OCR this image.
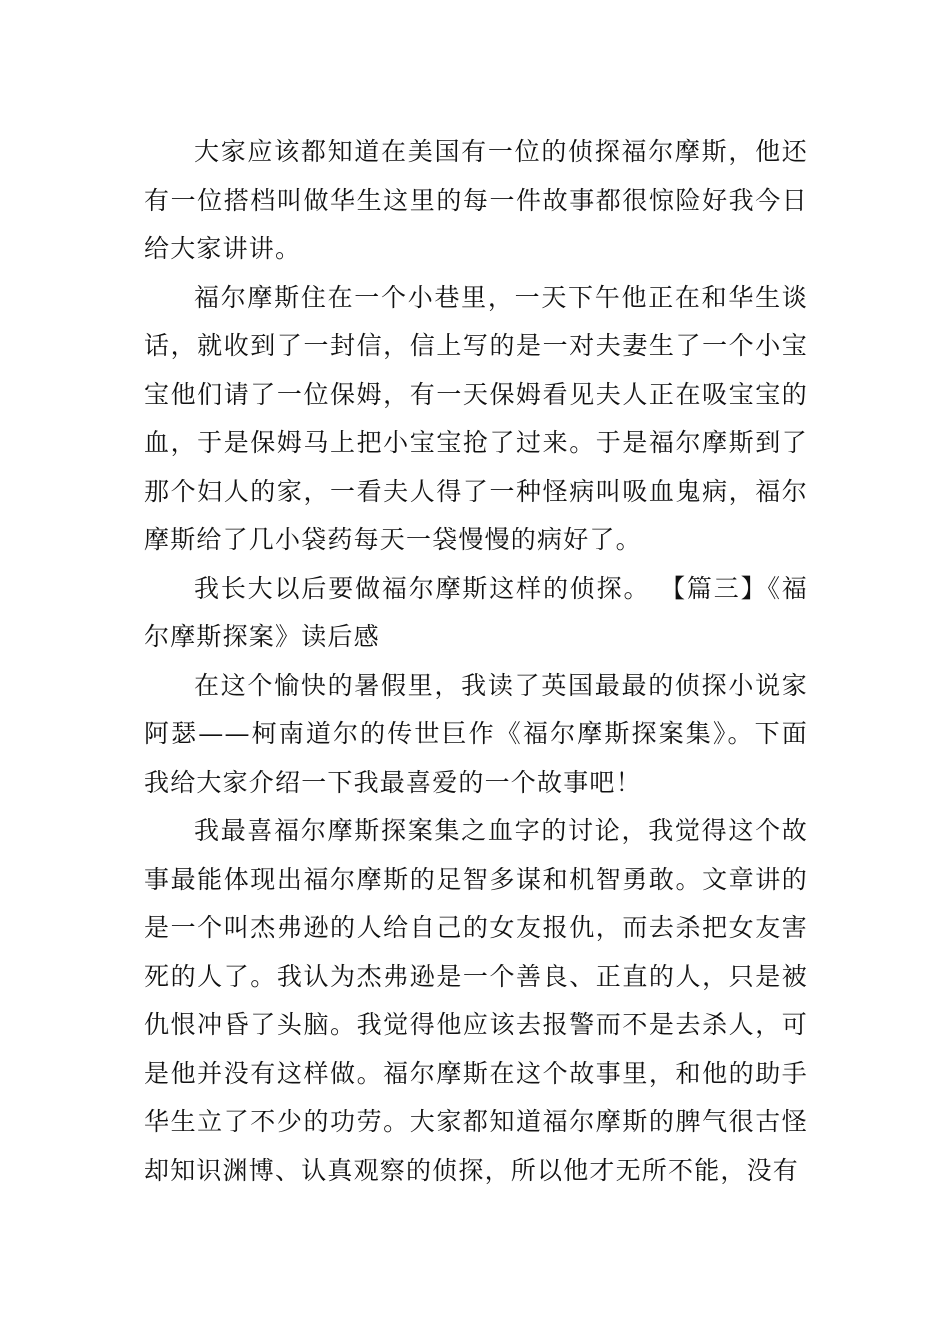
大家应该都知道在美国有一位的侦探福尔摩斯，他还有一位搭档叫做华生这里的每一件故事都很惊险好我今日给大家讲讲。

福尔摩斯住在一个小巷里，一天下午他正在和华生谈话，就收到了一封信，信上写的是一对夫妻生了一个小宝宝他们请了一位保姆，有一天保姆看见夫人正在吸宝宝的血，于是保姆马上把小宝宝抢了过来。于是福尔摩斯到了那个妇人的家，一看夫人得了一种怪病叫吸血鬼病，福尔摩斯给了几小袋药每天一袋慢慢的病好了。

我长大以后要做福尔摩斯这样的侦探。 【篇三】《福尔摩斯探案》读后感

在这个愉快的暑假里，我读了英国最最的侦探小说家阿瑟——柯南道尔的传世巨作《福尔摩斯探案集》。下面我给大家介绍一下我最喜爱的一个故事吧！

我最喜福尔摩斯探案集之血字的讨论，我觉得这个故事最能体现出福尔摩斯的足智多谋和机智勇敢。文章讲的是一个叫杰弗逊的人给自己的女友报仇，而去杀把女友害死的人了。我认为杰弗逊是一个善良、正直的人，只是被仇恨冲昏了头脑。我觉得他应该去报警而不是去杀人，可是他并没有这样做。福尔摩斯在这个故事里，和他的助手华生立了不少的功劳。大家都知道福尔摩斯的脾气很古怪却知识渊博、认真观察的侦探，所以他才无所不能，没有
